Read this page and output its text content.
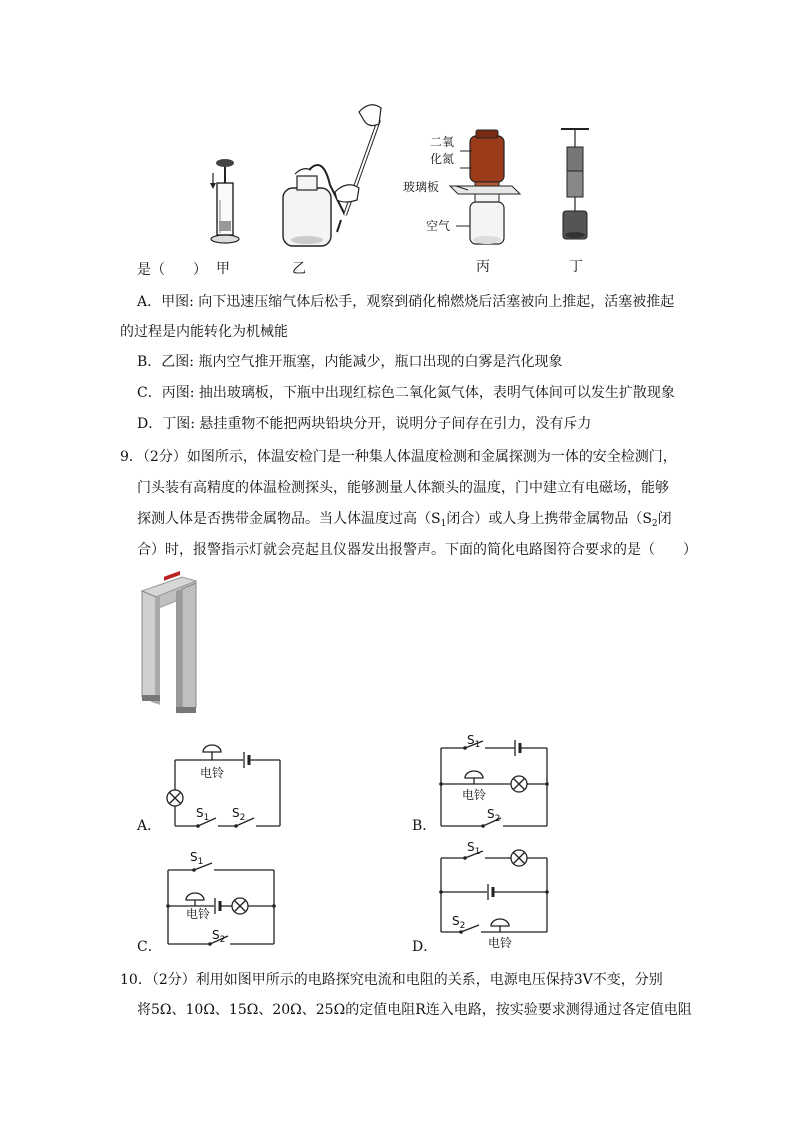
二氧
化氮
玻璃板
空气
是（　　） 甲	乙	丙	丁
A．甲图: 向下迅速压缩气体后松手，观察到硝化棉燃烧后活塞被向上推起，活塞被推起
的过程是内能转化为机械能
B．乙图: 瓶内空气推开瓶塞，内能减少，瓶口出现的白雾是汽化现象
C．丙图: 抽出玻璃板，下瓶中出现红棕色二氧化氮气体，表明气体间可以发生扩散现象
D．丁图: 悬挂重物不能把两块铅块分开，说明分子间存在引力，没有斥力
9．（2分）如图所示，体温安检门是一种集人体温度检测和金属探测为一体的安全检测门，
门头装有高精度的体温检测探头，能够测量人体额头的温度，门中建立有电磁场，能够
探测人体是否携带金属物品。当人体温度过高（$S_1$闭合）或人身上携带金属物品（$S_2$闭
合）时，报警指示灯就会亮起且仪器发出报警声。下面的简化电路图符合要求的是（　　）
电铃
$S_1$ $S_2$
A．
$S_1$
电铃
$S_2$
B．
$S_1$
电铃
$S_2$
C．
$S_1$
$S_2$
电铃
D．
10．（2分）利用如图甲所示的电路探究电流和电阻的关系，电源电压保持3V不变，分别
将5Ω、10Ω、15Ω、20Ω、25Ω的定值电阻R连入电路，按实验要求测得通过各定值电阻
